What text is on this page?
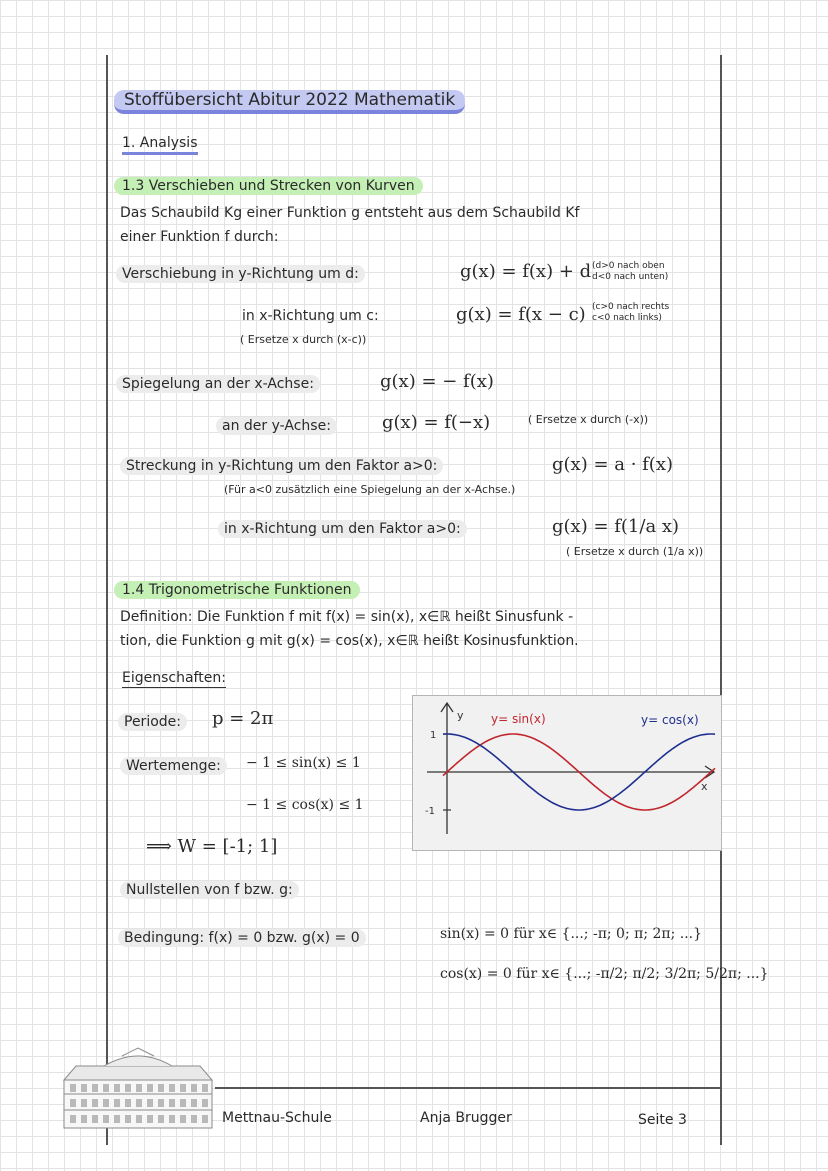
Stoffübersicht Abitur 2022 Mathematik
1. Analysis
1.3 Verschieben und Strecken von Kurven
Das Schaubild Kg einer Funktion g entsteht aus dem Schaubild Kf
einer Funktion f durch:
Verschiebung in y-Richtung um d:	g(x) = f(x) + d (d>0 nach oben
d<0 nach unten)
in x-Richtung um c:	g(x) = f(x − c) (c>0 nach rechts
c<0 nach links)
( Ersetze x durch (x-c))
Spiegelung an der x-Achse:	g(x) = − f(x)
an der y-Achse:	g(x) = f(−x)	( Ersetze x durch (-x))
Streckung in y-Richtung um den Faktor a>0:	g(x) = a · f(x)
(Für a<0 zusätzlich eine Spiegelung an der x-Achse.)
in x-Richtung um den Faktor a>0:	g(x) = f(1/a x)
( Ersetze x durch (1/a x))
1.4 Trigonometrische Funktionen
Definition: Die Funktion f mit f(x) = sin(x), x∈ℝ heißt Sinusfunk -
tion, die Funktion g mit g(x) = cos(x), x∈ℝ heißt Kosinusfunktion.
Eigenschaften:
Periode:	p = 2π
Wertemenge:	− 1 ≤ sin(x) ≤ 1
− 1 ≤ cos(x) ≤ 1
⟹ W = [-1; 1]
y
x
1
-1
y= sin(x)	y= cos(x)
Nullstellen von f bzw. g:
Bedingung: f(x) = 0 bzw. g(x) = 0	sin(x) = 0 für x∈ {...; -π; 0; π; 2π; ...}
cos(x) = 0 für x∈ {...; -π/2; π/2; 3/2π; 5/2π; ...}
Mettnau-Schule	Anja Brugger	Seite 3
